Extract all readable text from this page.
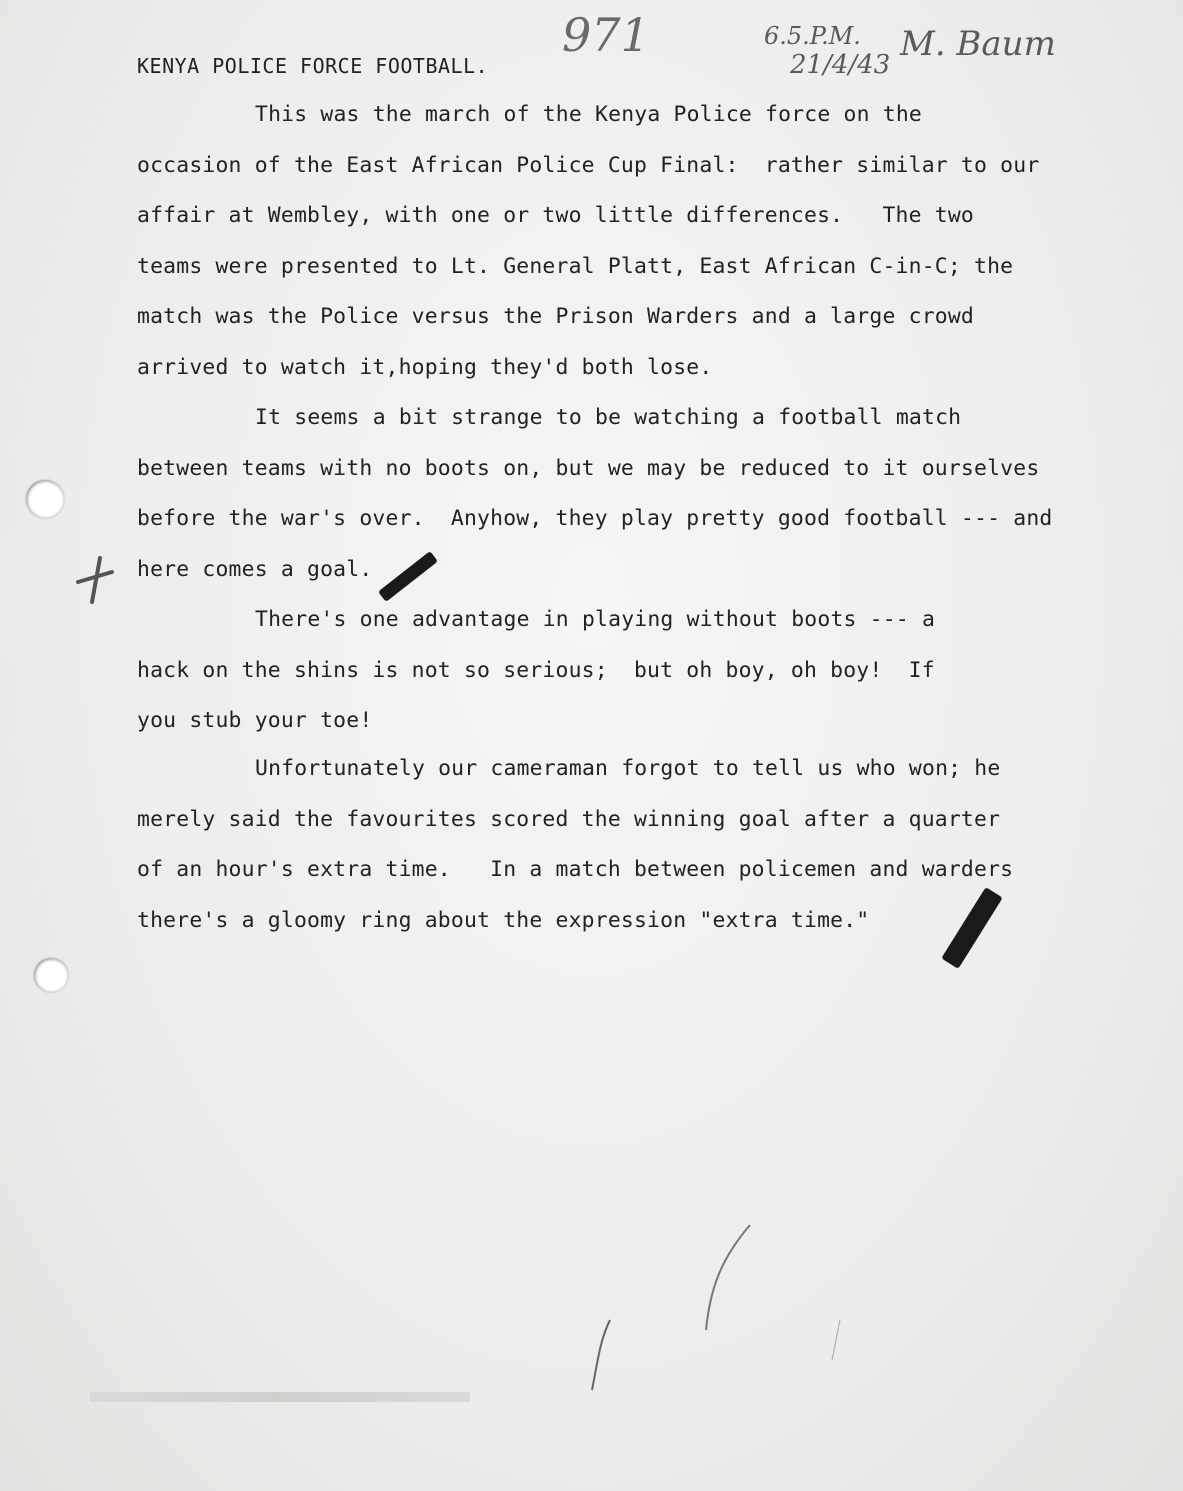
KENYA POLICE FORCE FOOTBALL.
971	6.5.P.M.
21/4/43
M. Baum
This was the march of the Kenya Police force on the
occasion of the East African Police Cup Final:  rather similar to our
affair at Wembley, with one or two little differences.   The two
teams were presented to Lt. General Platt, East African C-in-C; the
match was the Police versus the Prison Warders and a large crowd
arrived to watch it,hoping they'd both lose.
It seems a bit strange to be watching a football match
between teams with no boots on, but we may be reduced to it ourselves
before the war's over.  Anyhow, they play pretty good football --- and
here comes a goal.
There's one advantage in playing without boots --- a
hack on the shins is not so serious;  but oh boy, oh boy!  If
you stub your toe!
Unfortunately our cameraman forgot to tell us who won; he
merely said the favourites scored the winning goal after a quarter
of an hour's extra time.   In a match between policemen and warders
there's a gloomy ring about the expression "extra time."
